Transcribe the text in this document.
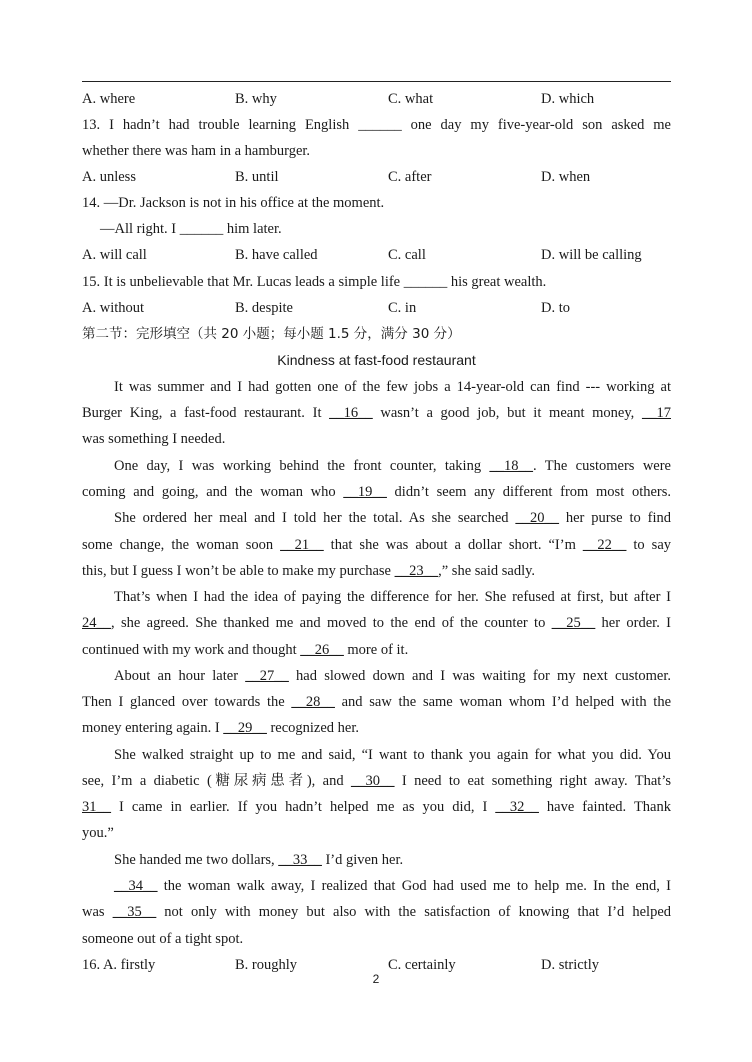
A. where	B. why	C. what	D. which
13. I hadn’t had trouble learning English ______ one day my five-year-old son asked me
whether there was ham in a hamburger.
A. unless	B. until	C. after	D. when
14. —Dr. Jackson is not in his office at the moment.
—All right. I ______ him later.
A. will call	B. have called	C. call	D. will be calling
15. It is unbelievable that Mr. Lucas leads a simple life ______ his great wealth.
A. without	B. despite	C. in	D. to
第二节：完形填空（共 20 小题；每小题 1.5 分，满分 30 分）
Kindness at fast-food restaurant
It was summer and I had gotten one of the few jobs a 14-year-old can find --- working at
Burger King, a fast-food restaurant. It __16__ wasn’t a good job, but it meant money, __17
was something I needed.
One day, I was working behind the front counter, taking __18__. The customers were
coming and going, and the woman who __19__ didn’t seem any different from most others.
She ordered her meal and I told her the total. As she searched __20__ her purse to find
some change, the woman soon __21__ that she was about a dollar short. “I’m __22__ to say
this, but I guess I won’t be able to make my purchase __23__,” she said sadly.
That’s when I had the idea of paying the difference for her. She refused at first, but after I
24__, she agreed. She thanked me and moved to the end of the counter to __25__ her order. I
continued with my work and thought __26__ more of it.
About an hour later __27__ had slowed down and I was waiting for my next customer.
Then I glanced over towards the __28__ and saw the same woman whom I’d helped with the
money entering again. I __29__ recognized her.
She walked straight up to me and said, “I want to thank you again for what you did. You
see, I’m a diabetic (糖尿病患者), and __30__ I need to eat something right away. That’s
31__ I came in earlier. If you hadn’t helped me as you did, I __32__ have fainted. Thank
you.”
She handed me two dollars, __33__ I’d given her.
__34__ the woman walk away, I realized that God had used me to help me. In the end, I
was __35__ not only with money but also with the satisfaction of knowing that I’d helped
someone out of a tight spot.
16. A. firstly	B. roughly	C. certainly	D. strictly
2
